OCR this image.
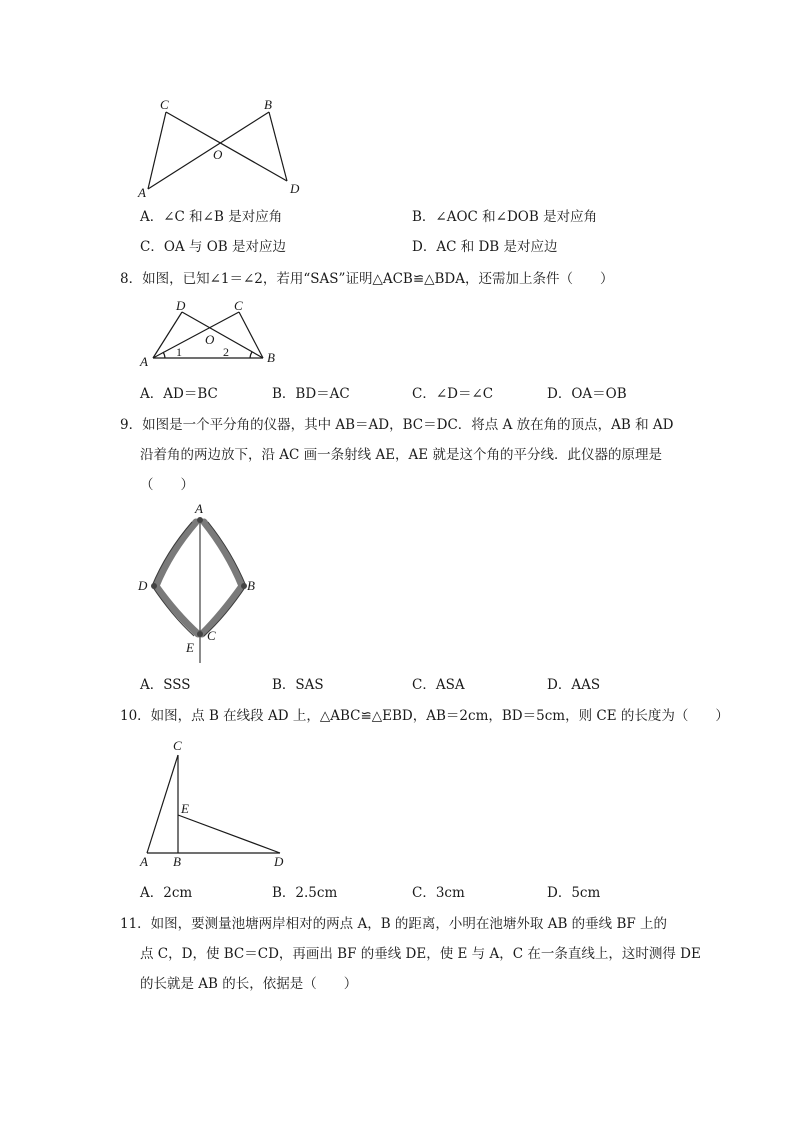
C	B
O
A	D
A．∠C 和∠B 是对应角	B．∠AOC 和∠DOB 是对应角
C．OA 与 OB 是对应边	D．AC 和 DB 是对应边
8．如图，已知∠1＝∠2，若用“SAS”证明△ACB≌△BDA，还需加上条件（　　）
D	C
O
1	2
A	B
A．AD＝BC	B．BD＝AC	C．∠D＝∠C	D．OA＝OB
9．如图是一个平分角的仪器，其中 AB＝AD，BC＝DC．将点 A 放在角的顶点，AB 和 AD
沿着角的两边放下，沿 AC 画一条射线 AE，AE 就是这个角的平分线．此仪器的原理是
（　　）
A
D	B
C
E
A．SSS	B．SAS	C．ASA	D．AAS
10．如图，点 B 在线段 AD 上，△ABC≌△EBD，AB＝2cm，BD＝5cm，则 CE 的长度为（　　）
C
E
A B	D
A．2cm	B．2.5cm	C．3cm	D．5cm
11．如图，要测量池塘两岸相对的两点 A，B 的距离，小明在池塘外取 AB 的垂线 BF 上的
点 C，D，使 BC＝CD，再画出 BF 的垂线 DE，使 E 与 A，C 在一条直线上，这时测得 DE
的长就是 AB 的长，依据是（　　）
